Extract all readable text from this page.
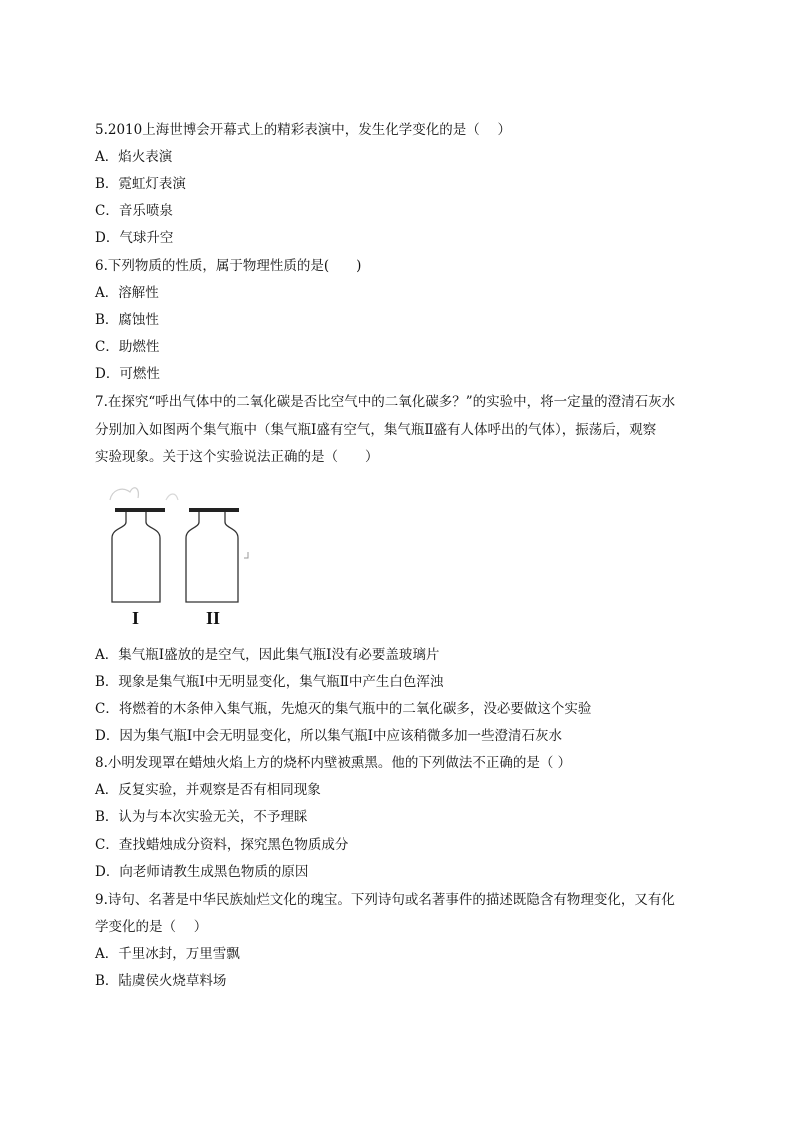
5.2010上海世博会开幕式上的精彩表演中，发生化学变化的是（　 ）
A．焰火表演
B．霓虹灯表演
C．音乐喷泉
D．气球升空
6.下列物质的性质，属于物理性质的是(　　)
A．溶解性
B．腐蚀性
C．助燃性
D．可燃性
7.在探究“呼出气体中的二氧化碳是否比空气中的二氧化碳多？”的实验中，将一定量的澄清石灰水
分别加入如图两个集气瓶中（集气瓶Ⅰ盛有空气，集气瓶Ⅱ盛有人体呼出的气体），振荡后，观察
实验现象。关于这个实验说法正确的是（　　）
I	II
A．集气瓶Ⅰ盛放的是空气，因此集气瓶Ⅰ没有必要盖玻璃片
B．现象是集气瓶Ⅰ中无明显变化，集气瓶Ⅱ中产生白色浑浊
C．将燃着的木条伸入集气瓶，先熄灭的集气瓶中的二氧化碳多，没必要做这个实验
D．因为集气瓶Ⅰ中会无明显变化，所以集气瓶Ⅰ中应该稍微多加一些澄清石灰水
8.小明发现罩在蜡烛火焰上方的烧杯内壁被熏黑。他的下列做法不正确的是（ ）
A．反复实验，并观察是否有相同现象
B．认为与本次实验无关，不予理睬
C．查找蜡烛成分资料，探究黑色物质成分
D．向老师请教生成黑色物质的原因
9.诗句、名著是中华民族灿烂文化的瑰宝。下列诗句或名著事件的描述既隐含有物理变化，又有化
学变化的是（　 ）
A．千里冰封，万里雪飘
B．陆虞侯火烧草料场
